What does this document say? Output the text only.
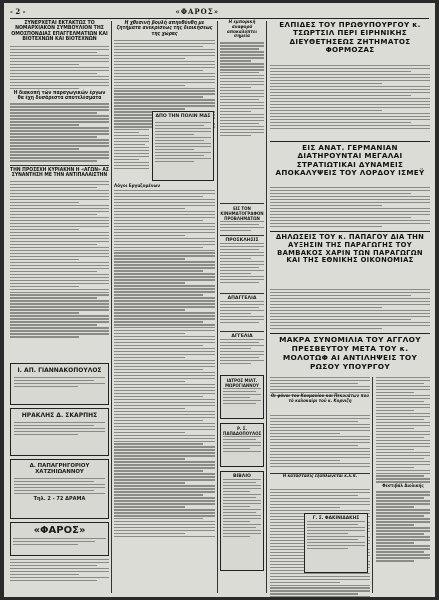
- 2 -	«ΦΑΡΟΣ»
ΣΥΝΕΡΧΕΤΑΙ ΕΚΤΑΚΤΩΣ ΤΟ ΝΟΜΑΡΧΙΑΚΟΝ ΣΥΜΒΟΥΛΙΟΝ ΤΗΣ ΟΜΟΣΠΟΝΔΙΑΣ ΕΠΑΓΓΕΛΜΑΤΙΩΝ ΚΑΙ ΒΙΟΤΕΧΝΩΝ ΚΑΙ ΒΙΟΤΕΧΝΩΝ
Η διακοπή τών παραγωγικών έργων θα έχη δυσάρεστα αποτελέσματα
ΤΗΝ ΠΡΟΣΕΧΗ ΚΥΡΙΑΚΗΝ Η «ΑΓΩΝ» ΑΣ ΣΥΝΑΝΤΗΣΗ ΜΕ ΤΗΝ ΑΝΤΙΠΑΛΑΙΣΤΗΝ
Ι. ΑΠ. ΓΙΑΝΝΑΚΟΠΟΥΛΟΣ
ΗΡΑΚΛΗΣ Δ. ΣΚΑΡΠΗΣ
Δ. ΠΑΠΑΓΡΗΓΟΡΙΟΥ ΧΑΤΖΗΙΩΑΝΝΟΥ
Τηλ. 2 - 72 ΔΡΑΜΑ
«ΦΑΡΟΣ»
Η χθεσινή βουλή απηυθύνθη με ζητήματα ανεκρίσεως της διοικήσεως της χώρας
ΑΠΟ ΤΗΝ ΠΟΛΙΝ ΜΑΣ
Λόγοι Εργαζομένων
Η εμπορική αναφορά αποκαλύπτει σημεία
ΕΙΣ ΤΟΝ ΚΙΝΗΜΑΤΟΓΡΑΦΟΝ ΠΡΟΒΛΗΜΑΤΩΝ
ΠΡΟΣΚΛΗΣΙΣ
ΑΠΑΓΓΕΛΙΑ
ΑΓΓΕΛΙΑ
ΙΑΤΡΟΣ ΜΙΛΤ. ΜΩΡΟΓΙΑΝΝΟΥ
Ρ. Σ. ΠΑΠΑΔΟΠΟΥΛΟΣ
ΒΙΒΛΙΟ
ΕΛΠΙΔΕΣ ΤΟΥ ΠΡΩΘΥΠΟΥΡΓΟΥ κ. ΤΣΩΡΤΣΙΛ ΠΕΡΙ ΕΙΡΗΝΙΚΗΣ ΔΙΕΥΘΕΤΗΣΕΩΣ ΖΗΤΗΜΑΤΟΣ ΦΟΡΜΟΖΑΣ
ΕΙΣ ΑΝΑΤ. ΓΕΡΜΑΝΙΑΝ ΔΙΑΤΗΡΟΥΝΤΑΙ ΜΕΓΑΛΑΙ ΣΤΡΑΤΙΩΤΙΚΑΙ ΔΥΝΑΜΕΙΣ ΑΠΟΚΑΛΥΨΕΙΣ ΤΟΥ ΛΟΡΔΟΥ ΙΣΜΕΫ
ΔΗΛΩΣΕΙΣ ΤΟΥ κ. ΠΑΠΑΓΟΥ ΔΙΑ ΤΗΝ ΑΥΞΗΣΙΝ ΤΗΣ ΠΑΡΑΓΩΓΗΣ ΤΟΥ ΒΑΜΒΑΚΟΣ ΧΑΡΙΝ ΤΩΝ ΠΑΡΑΓΩΓΩΝ ΚΑΙ ΤΗΣ ΕΘΝΙΚΗΣ ΟΙΚΟΝΟΜΙΑΣ
ΜΑΚΡΑ ΣΥΝΟΜΙΛΙΑ ΤΟΥ ΑΓΓΛΟΥ ΠΡΕΣΒΕΥΤΟΥ ΜΕΤΑ ΤΟΥ κ. ΜΟΛΟΤΩΦ ΑΙ ΑΝΤΙΛΗΨΕΙΣ ΤΟΥ ΡΩΣΟΥ ΥΠΟΥΡΓΟΥ
Οι φόνοι του Κουμανίου και Πεκουάτων που τό καλοκαίρι τοῦ κ. Κορνιζη
Η κατάστασις εξαπλώνεται κ.λ.π.
Φεστιβάλ Αιολικής
Γ. Σ. ΦΑΚΙΝΙΔΑΚΗΣ
